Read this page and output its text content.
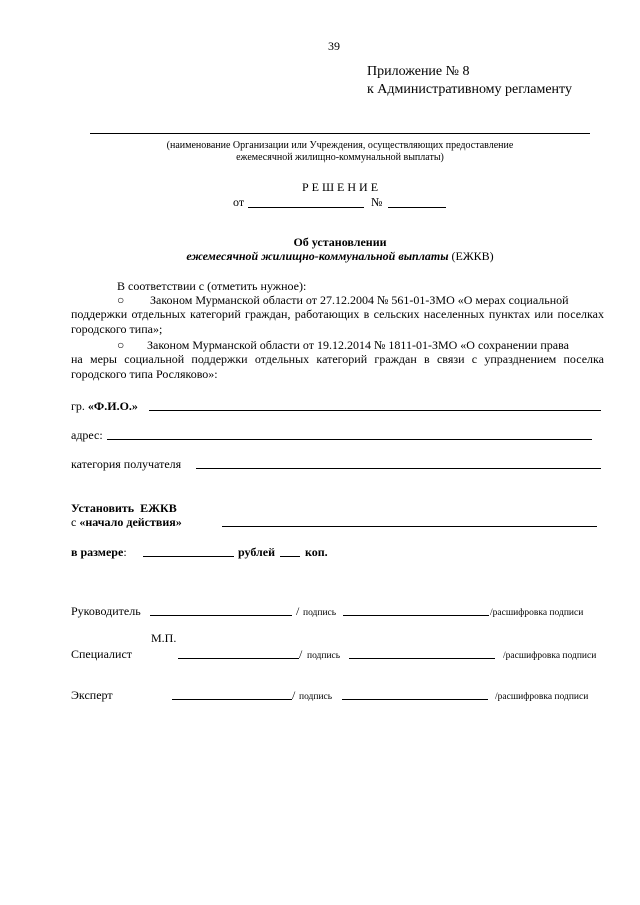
39
Приложение № 8
к Административному регламенту
(наименование Организации или Учреждения, осуществляющих предоставление
ежемесячной жилищно-коммунальной выплаты)
Р Е Ш Е Н И Е
от	№
Об установлении
ежемесячной жилищно-коммунальной выплаты (ЕЖКВ)
В соответствии с (отметить нужное):
○ Законом Мурманской области от 27.12.2004 № 561-01-ЗМО «О мерах социальной
поддержки отдельных категорий граждан, работающих в сельских населенных пунктах или поселках городского типа»;
○ Законом Мурманской области от 19.12.2014 № 1811-01-ЗМО «О сохранении права
на меры социальной поддержки отдельных категорий граждан в связи с упразднением поселка городского типа Росляково»:
гр. «Ф.И.О.»
адрес:
категория получателя
Установить  ЕЖКВ
с «начало действия»
в размере:	рублей коп.
Руководитель	/ подпись	/расшифровка подписи
М.П.
Специалист	/ подпись	/расшифровка подписи
Эксперт	/ подпись	/расшифровка подписи
